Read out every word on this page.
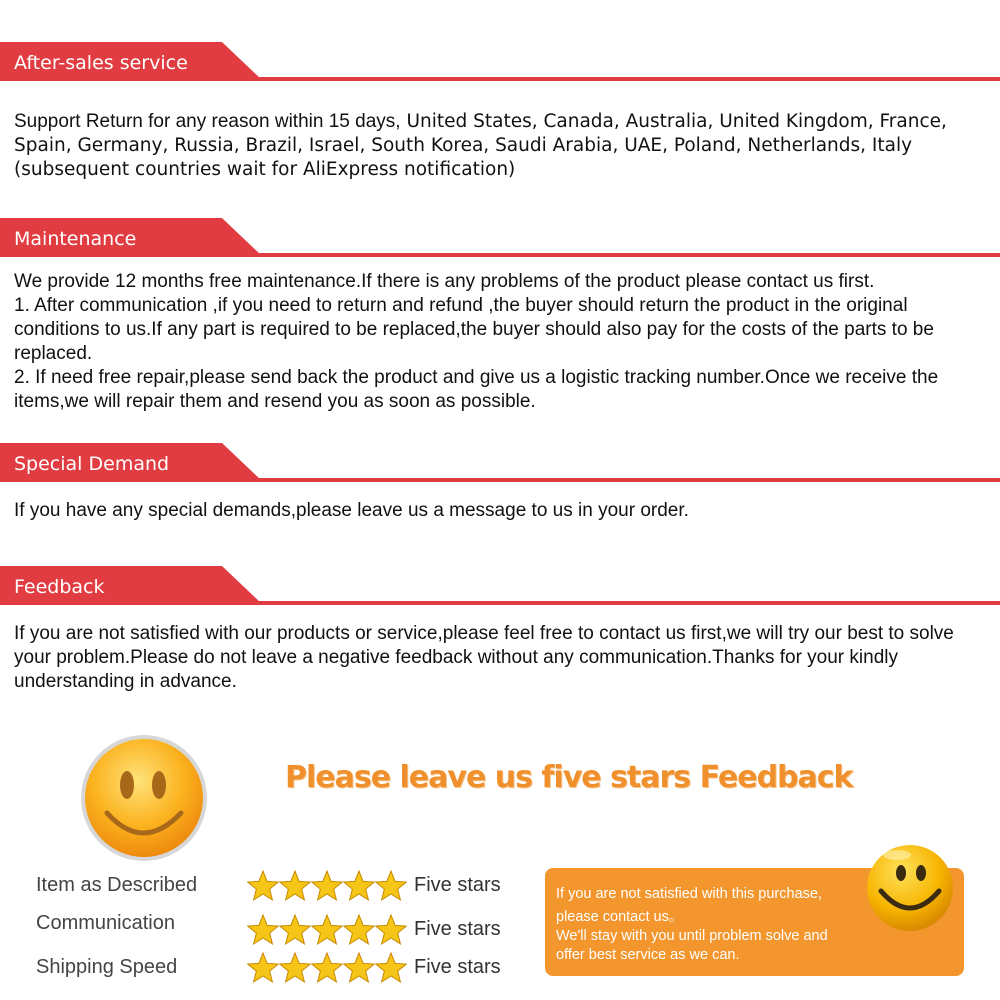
After-sales service

Support Return for any reason within 15 days, United States, Canada, Australia, United Kingdom, France, Spain, Germany, Russia, Brazil, Israel, South Korea, Saudi Arabia, UAE, Poland, Netherlands, Italy (subsequent countries wait for AliExpress notification)

Maintenance

We provide 12 months free maintenance.If there is any problems of the product please contact us first.

1. After communication ,if you need to return and refund ,the buyer should return the product in the original conditions to us.If any part is required to be replaced,the buyer should also pay for the costs of the parts to be replaced.

2. If need free repair,please send back the product and give us a logistic tracking number.Once we receive the items,we will repair them and resend you as soon as possible.

Special Demand

If you have any special demands,please leave us a message to us in your order.

Feedback

If you are not satisfied with our products or service,please feel free to contact us first,we will try our best to solve your problem.Please do not leave a negative feedback without any communication.Thanks for your kindly understanding in advance.

Please leave us five stars Feedback
Item as Described	Five stars
Communication	Five stars
Shipping Speed	Five stars
If you are not satisfied with this purchase,
please contact us。
We'll stay with you until problem solve and
offer best service as we can.
